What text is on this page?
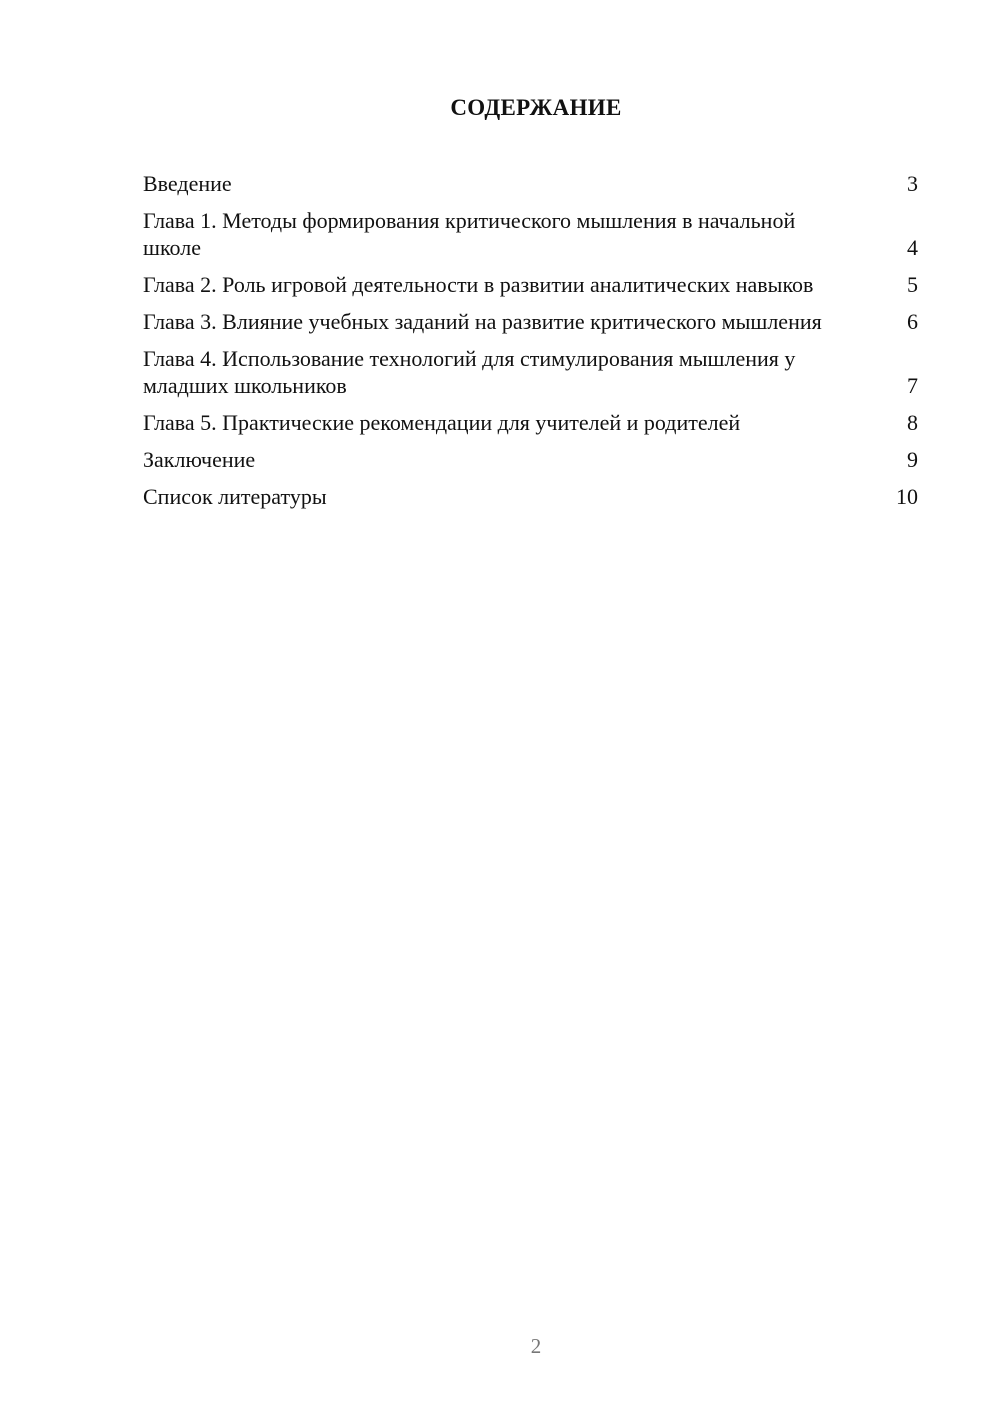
СОДЕРЖАНИЕ
Введение	3
Глава 1. Методы формирования критического мышления в начальной школе	4
Глава 2. Роль игровой деятельности в развитии аналитических навыков	5
Глава 3. Влияние учебных заданий на развитие критического мышления	6
Глава 4. Использование технологий для стимулирования мышления у младших школьников	7
Глава 5. Практические рекомендации для учителей и родителей	8
Заключение	9
Список литературы	10
2
